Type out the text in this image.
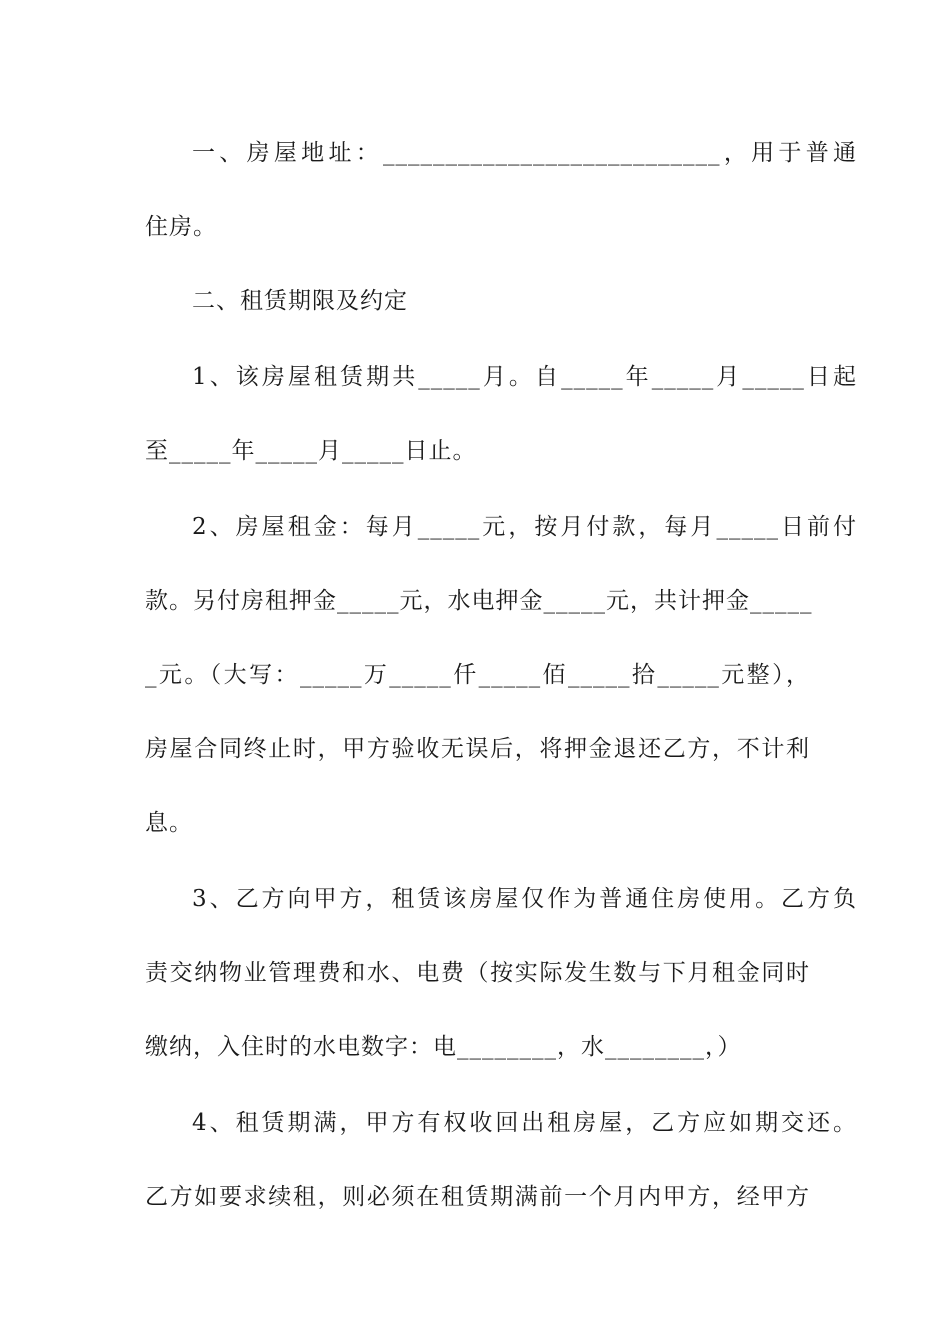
一、房屋地址：___________________________，用于普通
住房。
二、租赁期限及约定
1、该房屋租赁期共_____月。自_____年_____月_____日起
至_____年_____月_____日止。
2、房屋租金：每月_____元，按月付款，每月_____日前付
款。另付房租押金_____元，水电押金_____元，共计押金_____
_元。（大写：_____万_____仟_____佰_____拾_____元整），
房屋合同终止时，甲方验收无误后，将押金退还乙方，不计利
息。
3、乙方向甲方，租赁该房屋仅作为普通住房使用。乙方负
责交纳物业管理费和水、电费（按实际发生数与下月租金同时
缴纳，入住时的水电数字：电________，水________，）
4、租赁期满，甲方有权收回出租房屋，乙方应如期交还。
乙方如要求续租，则必须在租赁期满前一个月内甲方，经甲方
